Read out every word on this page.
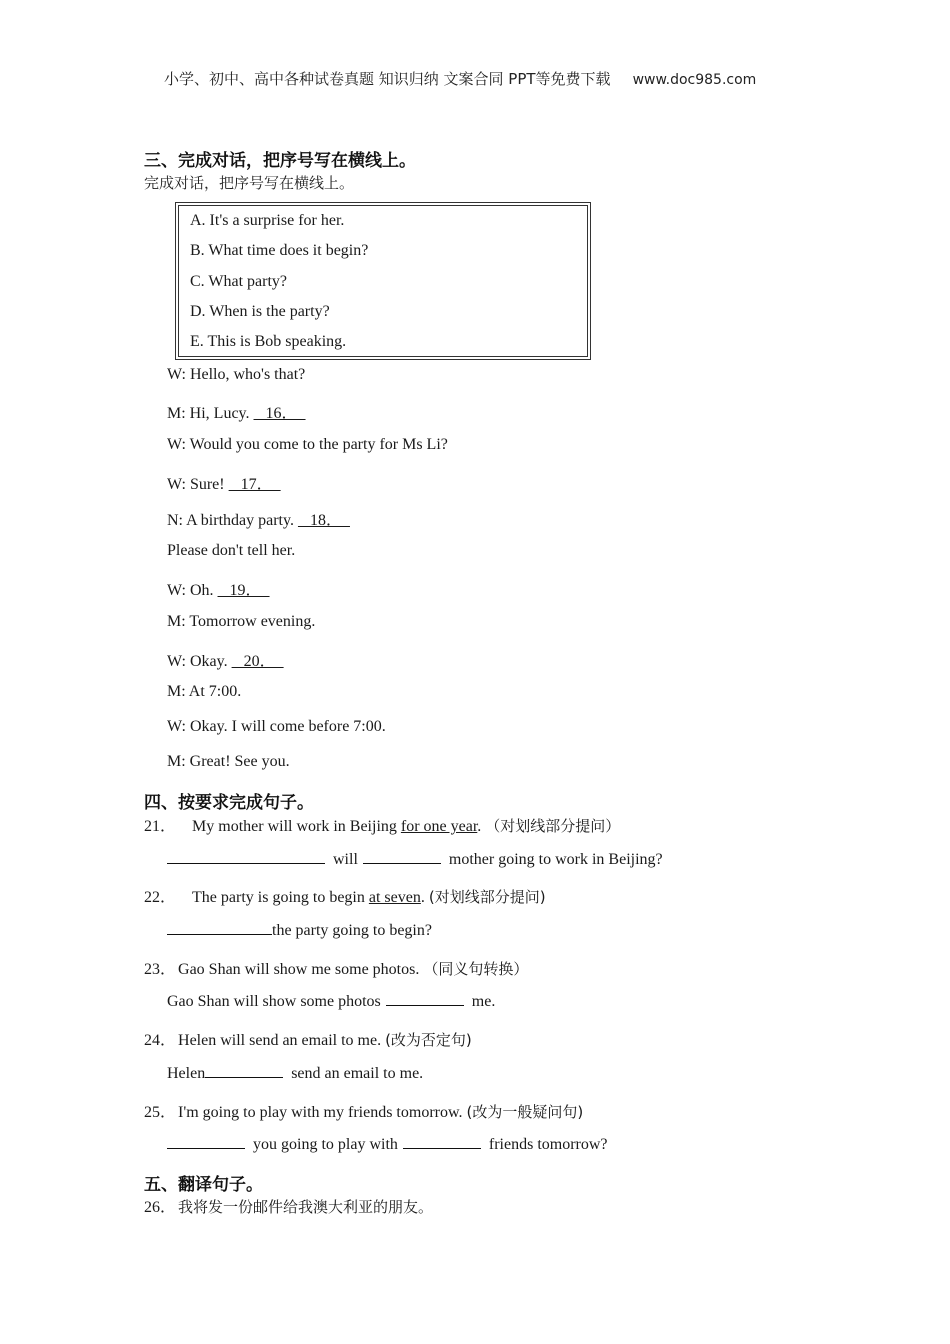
小学、初中、高中各种试卷真题 知识归纳 文案合同 PPT等免费下载 www.doc985.com
三、完成对话，把序号写在横线上。
完成对话，把序号写在横线上。
A. It's a surprise for her.
B. What time does it begin?
C. What party?
D. When is the party?
E. This is Bob speaking.
W: Hello, who's that?
M: Hi, Lucy.    16．
W: Would you come to the party for Ms Li?
W: Sure!    17．
N: A birthday party.    18．
Please don't tell her.
W: Oh.    19．
M: Tomorrow evening.
W: Okay.    20．
M: At 7:00.
W: Okay. I will come before 7:00.
M: Great! See you.
四、按要求完成句子。
21． My mother will work in Beijing for one year. （对划线部分提问）
will	mother going to work in Beijing?
22． The party is going to begin at seven. (对划线部分提问)
the party going to begin?
23． Gao Shan will show me some photos. （同义句转换）
Gao Shan will show some photos	me.
24． Helen will send an email to me. (改为否定句)
Helen	send an email to me.
25． I'm going to play with my friends tomorrow. (改为一般疑问句)
you going to play with	friends tomorrow?
五、翻译句子。
26． 我将发一份邮件给我澳大利亚的朋友。
